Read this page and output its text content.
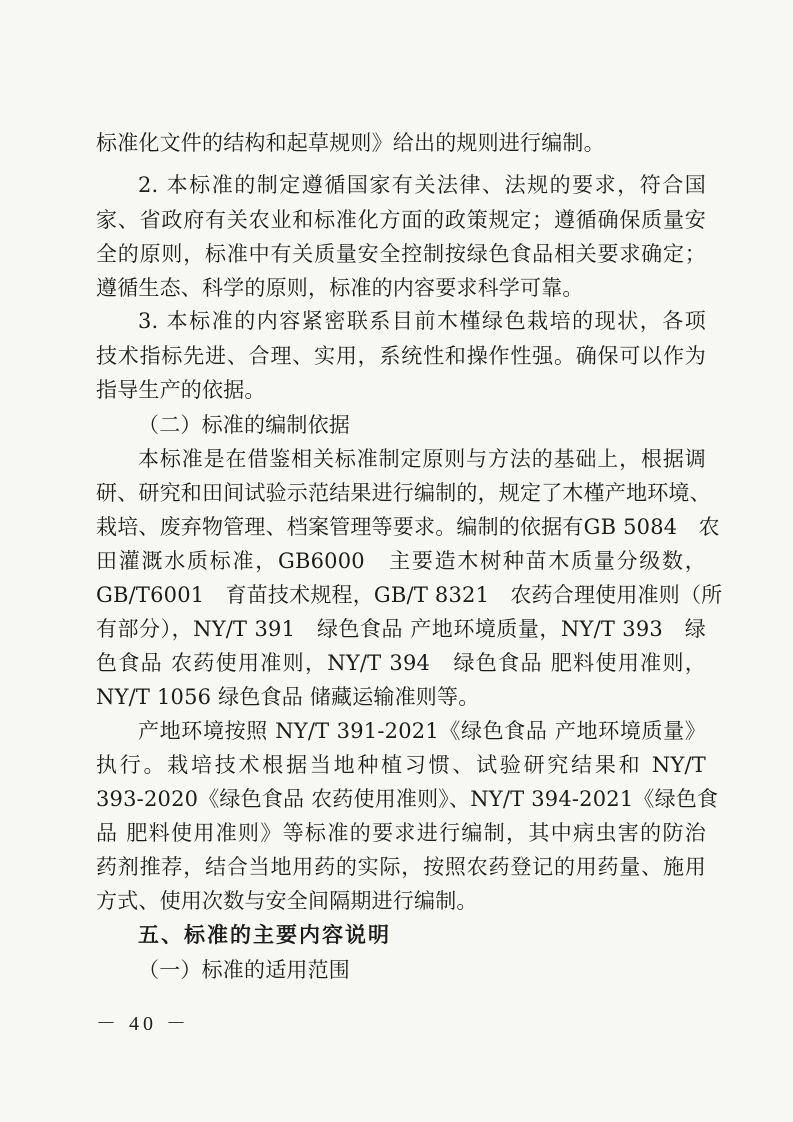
标准化文件的结构和起草规则》给出的规则进行编制。
2. 本标准的制定遵循国家有关法律、法规的要求，符合国
家、省政府有关农业和标准化方面的政策规定；遵循确保质量安
全的原则，标准中有关质量安全控制按绿色食品相关要求确定；
遵循生态、科学的原则，标准的内容要求科学可靠。
3. 本标准的内容紧密联系目前木槿绿色栽培的现状，各项
技术指标先进、合理、实用，系统性和操作性强。确保可以作为
指导生产的依据。
（二）标准的编制依据
本标准是在借鉴相关标准制定原则与方法的基础上，根据调
研、研究和田间试验示范结果进行编制的，规定了木槿产地环境、
栽培、废弃物管理、档案管理等要求。编制的依据有GB 5084　农
田灌溉水质标准，GB6000　主要造木树种苗木质量分级数，
GB/T6001　育苗技术规程，GB/T 8321　农药合理使用准则（所
有部分），NY/T 391　绿色食品 产地环境质量，NY/T 393　绿
色食品 农药使用准则，NY/T 394　绿色食品 肥料使用准则，
NY/T 1056 绿色食品 储藏运输准则等。
产地环境按照 NY/T 391-2021《绿色食品 产地环境质量》
执行。栽培技术根据当地种植习惯、试验研究结果和 NY/T
393-2020《绿色食品 农药使用准则》、NY/T 394-2021《绿色食
品 肥料使用准则》等标准的要求进行编制，其中病虫害的防治
药剂推荐，结合当地用药的实际，按照农药登记的用药量、施用
方式、使用次数与安全间隔期进行编制。
五、标准的主要内容说明
（一）标准的适用范围
－ 40 －
